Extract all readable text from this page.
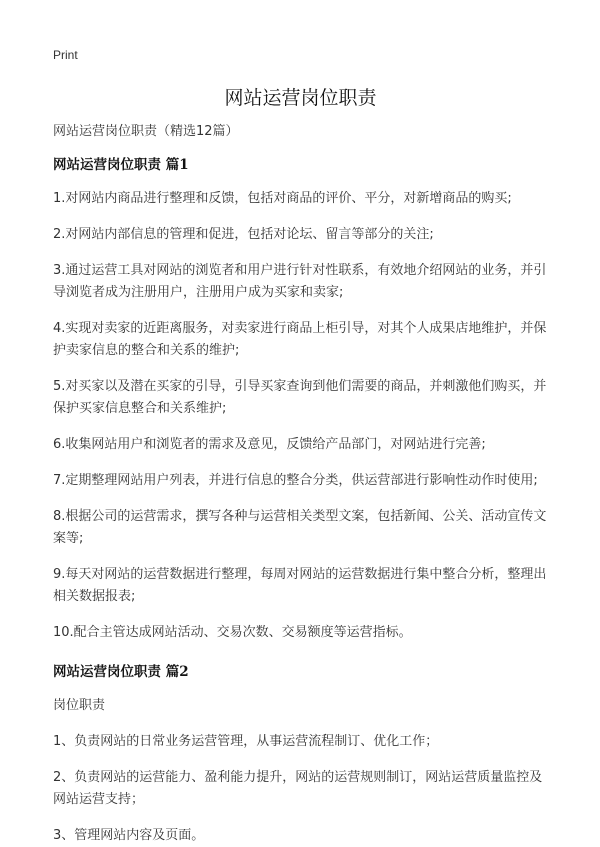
Print
网站运营岗位职责
网站运营岗位职责（精选12篇）
网站运营岗位职责 篇1
1.对网站内商品进行整理和反馈，包括对商品的评价、平分，对新增商品的购买;
2.对网站内部信息的管理和促进，包括对论坛、留言等部分的关注;
3.通过运营工具对网站的浏览者和用户进行针对性联系，有效地介绍网站的业务，并引导浏览者成为注册用户，注册用户成为买家和卖家;
4.实现对卖家的近距离服务，对卖家进行商品上柜引导，对其个人成果店地维护，并保护卖家信息的整合和关系的维护;
5.对买家以及潜在买家的引导，引导买家查询到他们需要的商品，并刺激他们购买，并保护买家信息整合和关系维护;
6.收集网站用户和浏览者的需求及意见，反馈给产品部门，对网站进行完善;
7.定期整理网站用户列表，并进行信息的整合分类，供运营部进行影响性动作时使用;
8.根据公司的运营需求，撰写各种与运营相关类型文案，包括新闻、公关、活动宣传文案等;
9.每天对网站的运营数据进行整理，每周对网站的运营数据进行集中整合分析，整理出相关数据报表;
10.配合主管达成网站活动、交易次数、交易额度等运营指标。
网站运营岗位职责 篇2
岗位职责
1、负责网站的日常业务运营管理，从事运营流程制订、优化工作；
2、负责网站的运营能力、盈利能力提升，网站的运营规则制订，网站运营质量监控及网站运营支持；
3、管理网站内容及页面。
